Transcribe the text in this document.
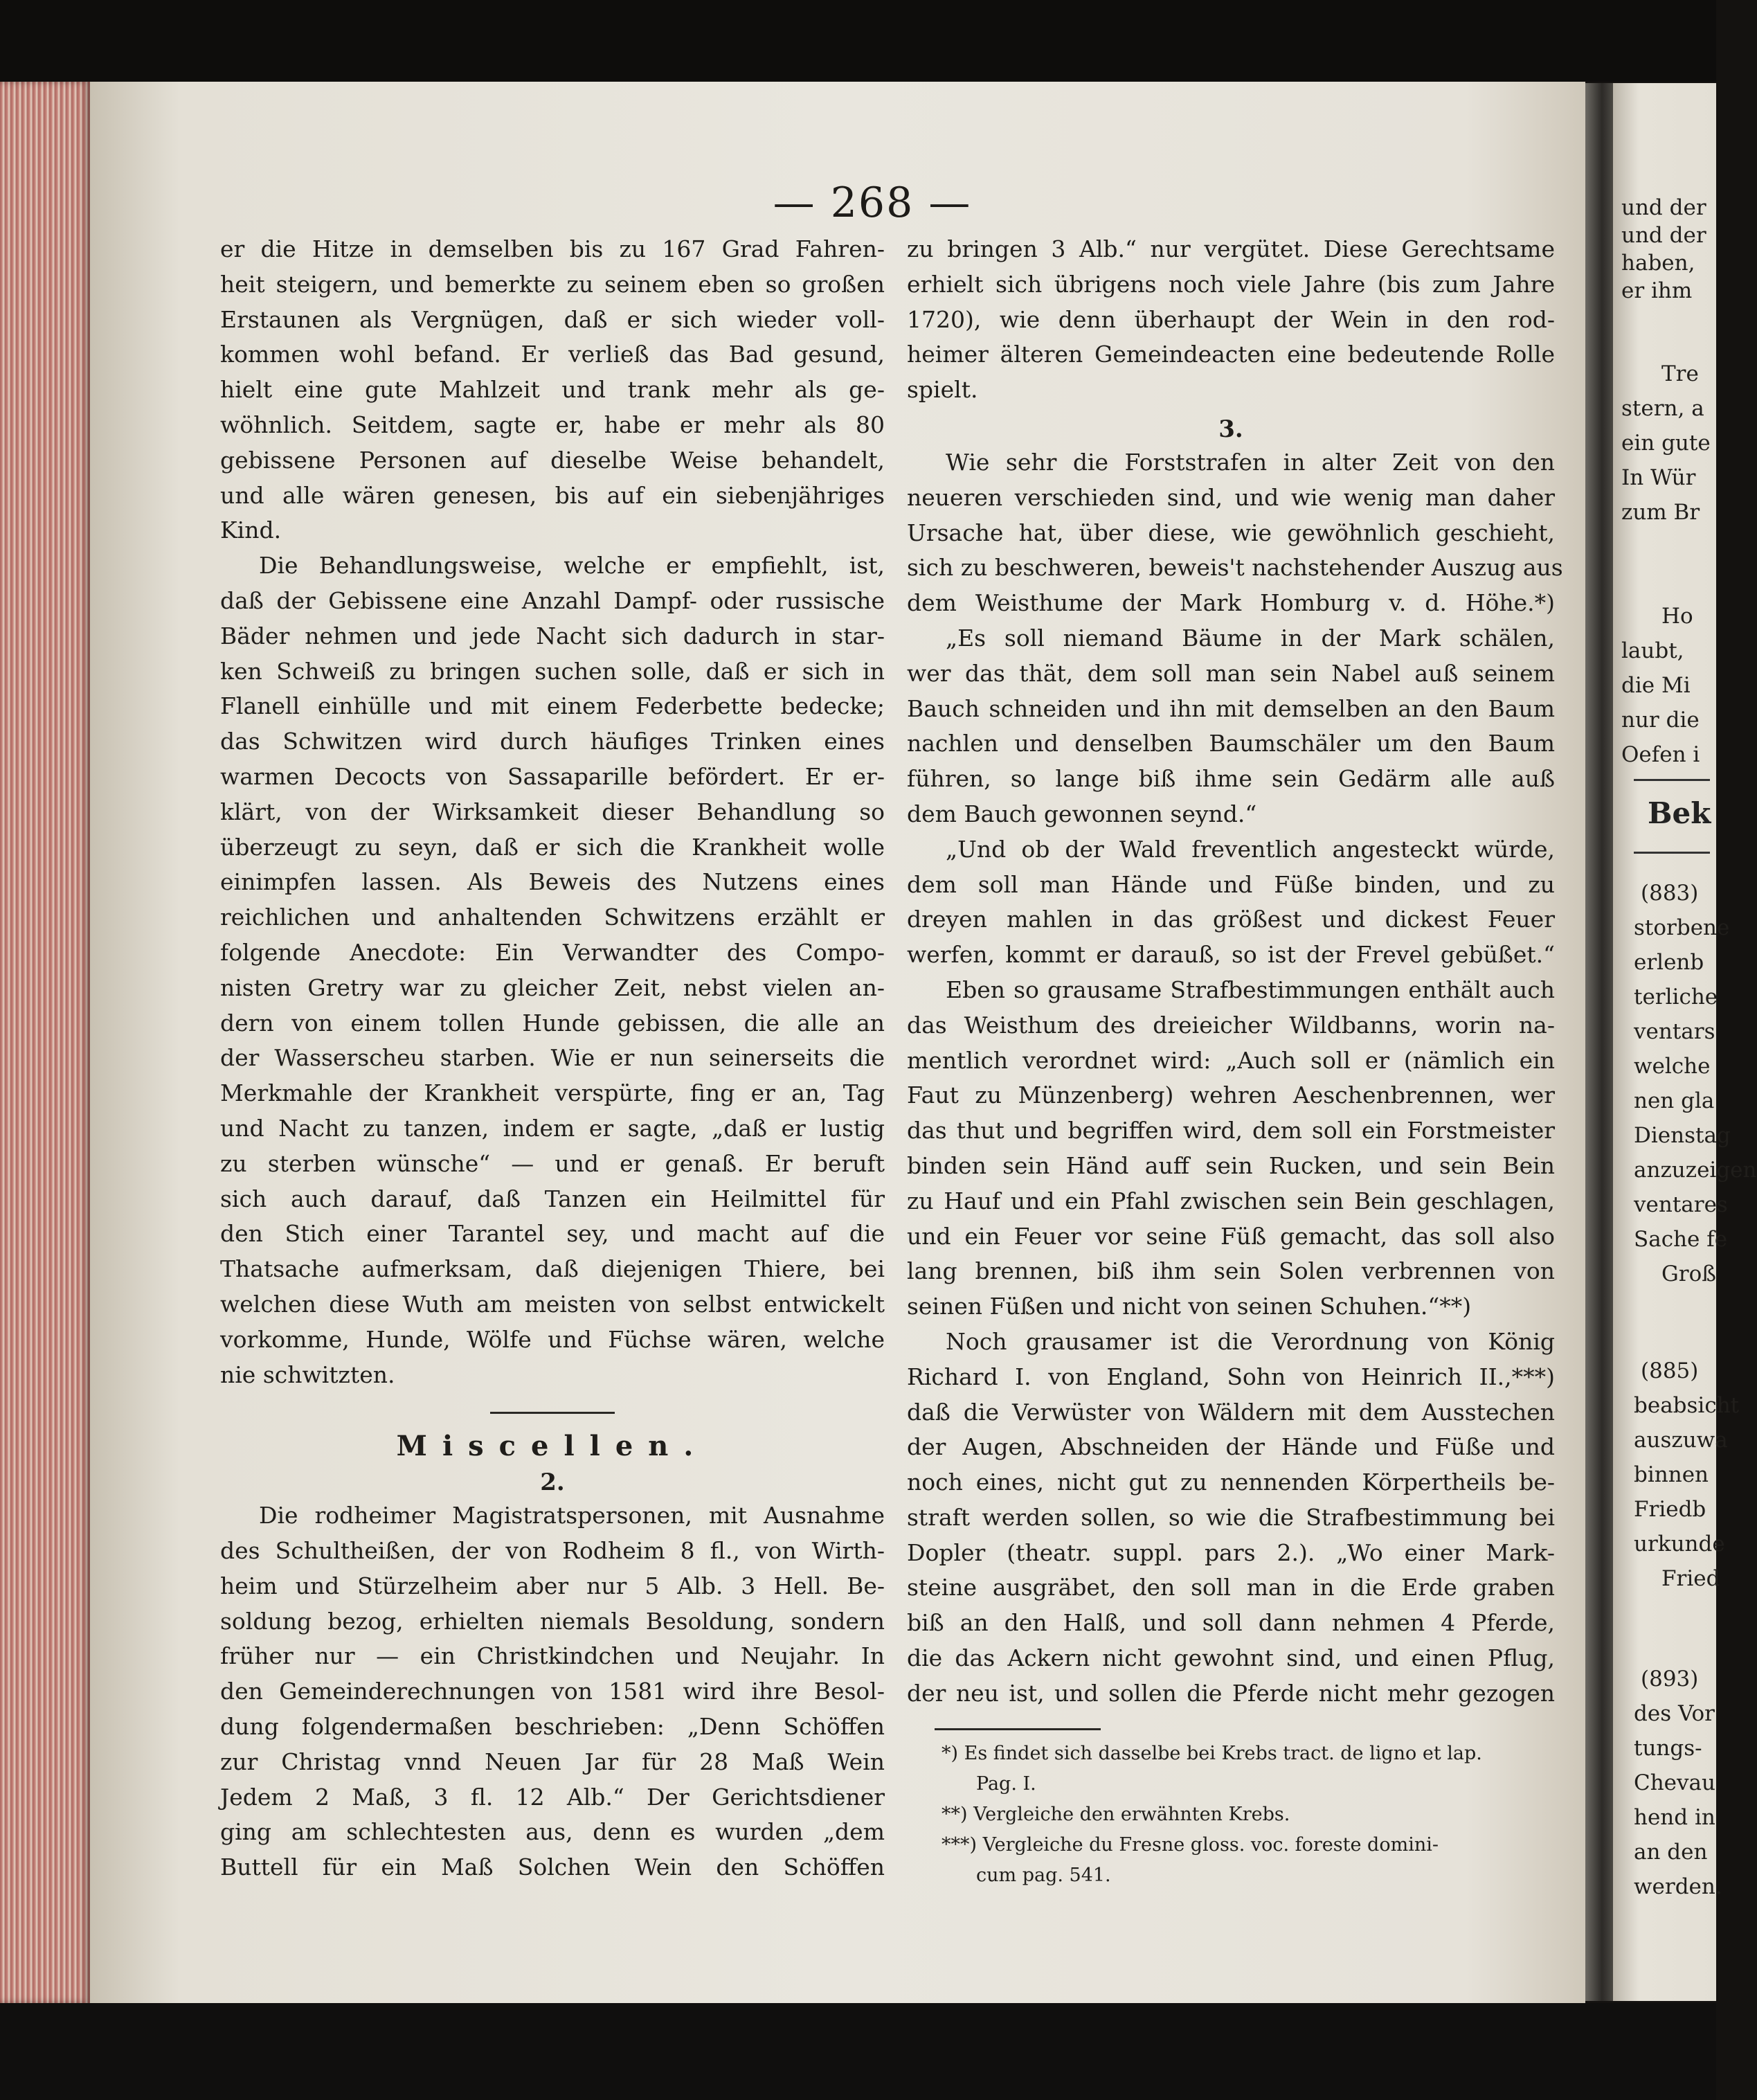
— 268 —
er die Hitze in demselben bis zu 167 Grad Fahren-
heit steigern, und bemerkte zu seinem eben so großen
Erstaunen als Vergnügen, daß er sich wieder voll-
kommen wohl befand. Er verließ das Bad gesund,
hielt eine gute Mahlzeit und trank mehr als ge-
wöhnlich. Seitdem, sagte er, habe er mehr als 80
gebissene Personen auf dieselbe Weise behandelt,
und alle wären genesen, bis auf ein siebenjähriges
Kind.
Die Behandlungsweise, welche er empfiehlt, ist,
daß der Gebissene eine Anzahl Dampf- oder russische
Bäder nehmen und jede Nacht sich dadurch in star-
ken Schweiß zu bringen suchen solle, daß er sich in
Flanell einhülle und mit einem Federbette bedecke;
das Schwitzen wird durch häufiges Trinken eines
warmen Decocts von Sassaparille befördert. Er er-
klärt, von der Wirksamkeit dieser Behandlung so
überzeugt zu seyn, daß er sich die Krankheit wolle
einimpfen lassen. Als Beweis des Nutzens eines
reichlichen und anhaltenden Schwitzens erzählt er
folgende Anecdote: Ein Verwandter des Compo-
nisten Gretry war zu gleicher Zeit, nebst vielen an-
dern von einem tollen Hunde gebissen, die alle an
der Wasserscheu starben. Wie er nun seinerseits die
Merkmahle der Krankheit verspürte, fing er an, Tag
und Nacht zu tanzen, indem er sagte, „daß er lustig
zu sterben wünsche“ — und er genaß. Er beruft
sich auch darauf, daß Tanzen ein Heilmittel für
den Stich einer Tarantel sey, und macht auf die
Thatsache aufmerksam, daß diejenigen Thiere, bei
welchen diese Wuth am meisten von selbst entwickelt
vorkomme, Hunde, Wölfe und Füchse wären, welche
nie schwitzten.
Miscellen.
2.
Die rodheimer Magistratspersonen, mit Ausnahme
des Schultheißen, der von Rodheim 8 fl., von Wirth-
heim und Stürzelheim aber nur 5 Alb. 3 Hell. Be-
soldung bezog, erhielten niemals Besoldung, sondern
früher nur — ein Christkindchen und Neujahr. In
den Gemeinderechnungen von 1581 wird ihre Besol-
dung folgendermaßen beschrieben: „Denn Schöffen
zur Christag vnnd Neuen Jar für 28 Maß Wein
Jedem 2 Maß, 3 fl. 12 Alb.“ Der Gerichtsdiener
ging am schlechtesten aus, denn es wurden „dem
Buttell für ein Maß Solchen Wein den Schöffen
zu bringen 3 Alb.“ nur vergütet. Diese Gerechtsame
erhielt sich übrigens noch viele Jahre (bis zum Jahre
1720), wie denn überhaupt der Wein in den rod-
heimer älteren Gemeindeacten eine bedeutende Rolle
spielt.
3.
Wie sehr die Forststrafen in alter Zeit von den
neueren verschieden sind, und wie wenig man daher
Ursache hat, über diese, wie gewöhnlich geschieht,
sich zu beschweren, beweis't nachstehender Auszug aus
dem Weisthume der Mark Homburg v. d. Höhe.*)
„Es soll niemand Bäume in der Mark schälen,
wer das thät, dem soll man sein Nabel auß seinem
Bauch schneiden und ihn mit demselben an den Baum
nachlen und denselben Baumschäler um den Baum
führen, so lange biß ihme sein Gedärm alle auß
dem Bauch gewonnen seynd.“
„Und ob der Wald freventlich angesteckt würde,
dem soll man Hände und Füße binden, und zu
dreyen mahlen in das größest und dickest Feuer
werfen, kommt er darauß, so ist der Frevel gebüßet.“
Eben so grausame Strafbestimmungen enthält auch
das Weisthum des dreieicher Wildbanns, worin na-
mentlich verordnet wird: „Auch soll er (nämlich ein
Faut zu Münzenberg) wehren Aeschenbrennen, wer
das thut und begriffen wird, dem soll ein Forstmeister
binden sein Händ auff sein Rucken, und sein Bein
zu Hauf und ein Pfahl zwischen sein Bein geschlagen,
und ein Feuer vor seine Füß gemacht, das soll also
lang brennen, biß ihm sein Solen verbrennen von
seinen Füßen und nicht von seinen Schuhen.“**)
Noch grausamer ist die Verordnung von König
Richard I. von England, Sohn von Heinrich II.,***)
daß die Verwüster von Wäldern mit dem Ausstechen
der Augen, Abschneiden der Hände und Füße und
noch eines, nicht gut zu nennenden Körpertheils be-
straft werden sollen, so wie die Strafbestimmung bei
Dopler (theatr. suppl. pars 2.). „Wo einer Mark-
steine ausgräbet, den soll man in die Erde graben
biß an den Halß, und soll dann nehmen 4 Pferde,
die das Ackern nicht gewohnt sind, und einen Pflug,
der neu ist, und sollen die Pferde nicht mehr gezogen
*) Es findet sich dasselbe bei Krebs tract. de ligno et lap.
Pag. I.
**) Vergleiche den erwähnten Krebs.
***) Vergleiche du Fresne gloss. voc. foreste domini-
cum pag. 541.
und der
und der
haben,
er ihm
Tre
stern, a
ein gute
In Wür
zum Br
Ho
laubt,
die Mi
nur die
Oefen i
Bek
(883)
storbene
erlenb
terliche
ventars
welche
nen gla
Dienstag
anzuzeigen
ventares
Sache fe
Groß
(885)
beabsicht
auszuwa
binnen
Friedb
urkunde
Fried
(893)
des Vor
tungs-
Chevau
hend in
an den
werden.
